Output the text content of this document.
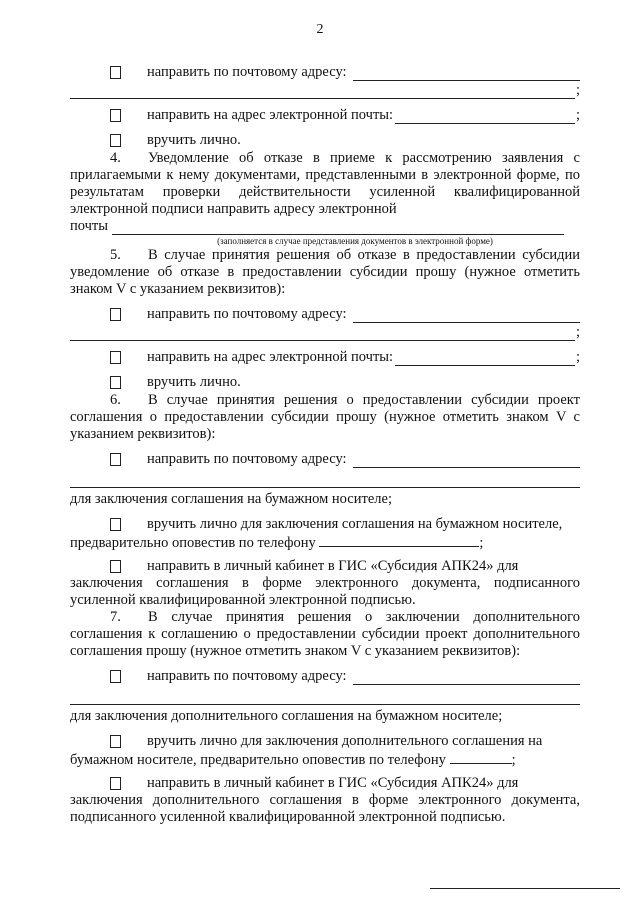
2
направить по почтовому адресу:
;
направить на адрес электронной почты:	;
вручить лично.

4. Уведомление об отказе в приеме к рассмотрению заявления с прилагаемыми к нему документами, представленными в электронной форме, по результатам проверки действительности усиленной квалифицированной электронной подписи направить адресу электронной

почты
(заполняется в случае представления документов в электронной форме)

5. В случае принятия решения об отказе в предоставлении субсидии уведомление об отказе в предоставлении субсидии прошу (нужное отметить знаком V с указанием реквизитов):

направить по почтовому адресу:
;
направить на адрес электронной почты:	;
вручить лично.

6. В случае принятия решения о предоставлении субсидии проект соглашения о предоставлении субсидии прошу (нужное отметить знаком V с указанием реквизитов):

направить по почтовому адресу:
для заключения соглашения на бумажном носителе;
вручить лично для заключения соглашения на бумажном носителе,
предварительно оповестив по телефону	;
направить в личный кабинет в ГИС «Субсидия АПК24» для

заключения соглашения в форме электронного документа, подписанного усиленной квалифицированной электронной подписью.

7. В случае принятия решения о заключении дополнительного соглашения к соглашению о предоставлении субсидии проект дополнительного соглашения прошу (нужное отметить знаком V с указанием реквизитов):

направить по почтовому адресу:
для заключения дополнительного соглашения на бумажном носителе;
вручить лично для заключения дополнительного соглашения на
бумажном носителе, предварительно оповестив по телефону	;
направить в личный кабинет в ГИС «Субсидия АПК24» для

заключения дополнительного соглашения в форме электронного документа, подписанного усиленной квалифицированной электронной подписью.
